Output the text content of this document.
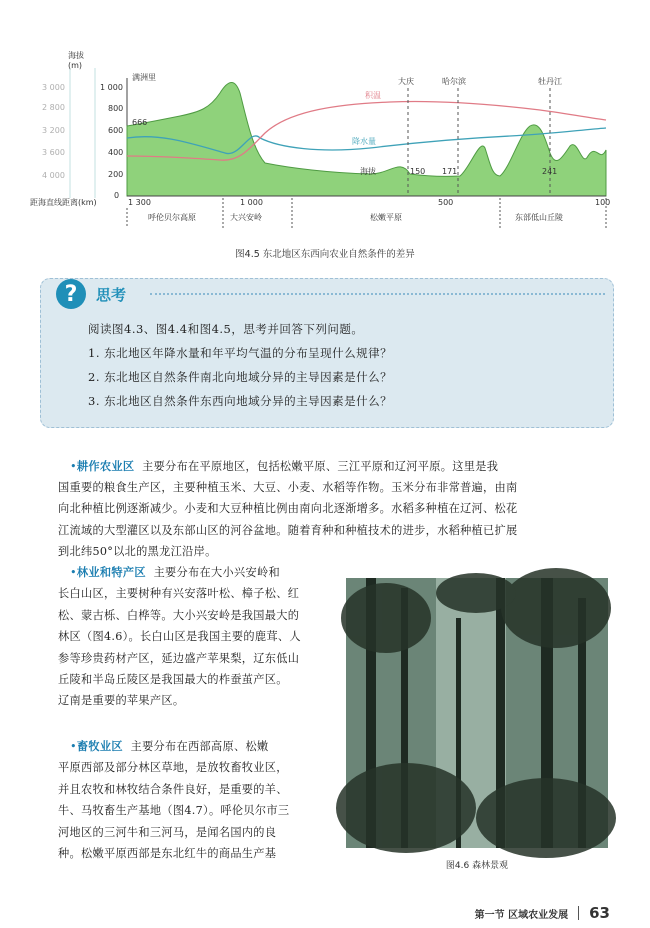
海拔
(m)
3 000
2 800
3 200
3 600
4 000
1 000
800
600
400
200
0
满洲里	大庆	哈尔滨	牡丹江
积温
降水量
海拔
666
150 171	241
距海直线距离(km)	1 300	1 000	500	100
呼伦贝尔高原	大兴安岭	松嫩平原	东部低山丘陵
图4.5 东北地区东西向农业自然条件的差异
?	思考
阅读图4.3、图4.4和图4.5，思考并回答下列问题。
1. 东北地区年降水量和年平均气温的分布呈现什么规律？
2. 东北地区自然条件南北向地域分异的主导因素是什么？
3. 东北地区自然条件东西向地域分异的主导因素是什么？
•耕作农业区 主要分布在平原地区，包括松嫩平原、三江平原和辽河平原。这里是我
国重要的粮食生产区，主要种植玉米、大豆、小麦、水稻等作物。玉米分布非常普遍，由南
向北种植比例逐渐减少。小麦和大豆种植比例由南向北逐渐增多。水稻多种植在辽河、松花
江流域的大型灌区以及东部山区的河谷盆地。随着育种和种植技术的进步，水稻种植已扩展
到北纬50°以北的黑龙江沿岸。
•林业和特产区 主要分布在大小兴安岭和
长白山区，主要树种有兴安落叶松、樟子松、红
松、蒙古栎、白桦等。大小兴安岭是我国最大的
林区（图4.6）。长白山区是我国主要的鹿茸、人
参等珍贵药材产区，延边盛产苹果梨，辽东低山
丘陵和半岛丘陵区是我国最大的柞蚕茧产区。
辽南是重要的苹果产区。
•畜牧业区 主要分布在西部高原、松嫩
平原西部及部分林区草地，是放牧畜牧业区，
并且农牧和林牧结合条件良好，是重要的羊、
牛、马牧畜生产基地（图4.7）。呼伦贝尔市三
河地区的三河牛和三河马，是闻名国内的良
种。松嫩平原西部是东北红牛的商品生产基
图4.6 森林景观
第一节 区域农业发展 63
